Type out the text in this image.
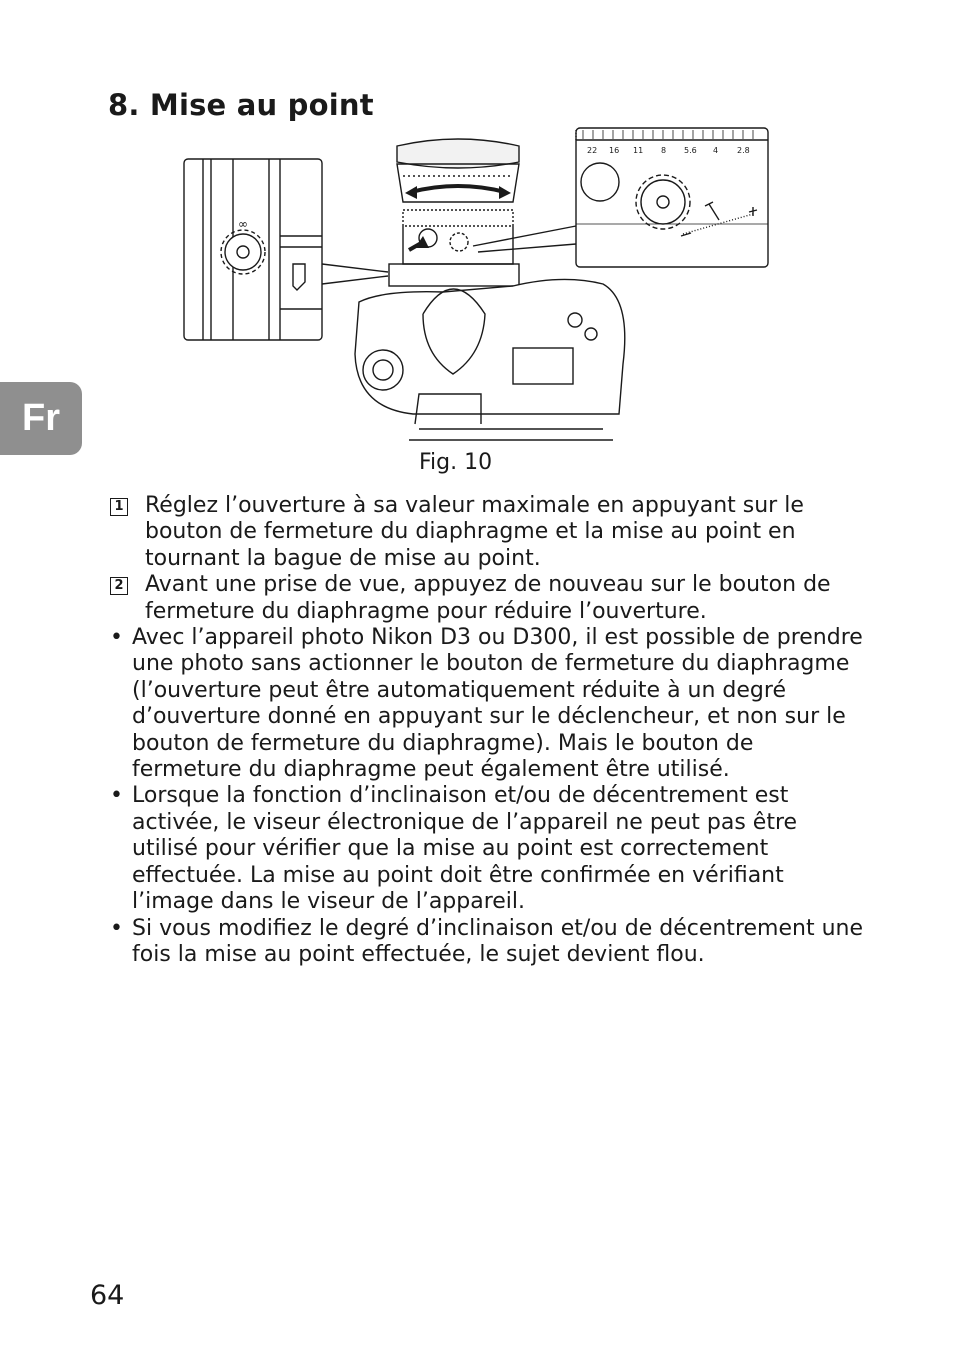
8. Mise au point
Fr
∞
22 16 11 8 5.6 4 2.8
Fig. 10
1 Réglez l’ouverture à sa valeur maximale en appuyant sur le bouton de fermeture du diaphragme et la mise au point en tournant la bague de mise au point.
2 Avant une prise de vue, appuyez de nouveau sur le bouton de fermeture du diaphragme pour réduire l’ouverture.
• Avec l’appareil photo Nikon D3 ou D300, il est possible de prendre une photo sans actionner le bouton de fermeture du diaphragme (l’ouverture peut être automatiquement réduite à un degré d’ouverture donné en appuyant sur le déclencheur, et non sur le bouton de fermeture du diaphragme). Mais le bouton de fermeture du diaphragme peut également être utilisé.
• Lorsque la fonction d’inclinaison et/ou de décentrement est activée, le viseur électronique de l’appareil ne peut pas être utilisé pour vérifier que la mise au point est correctement effectuée. La mise au point doit être confirmée en vérifiant l’image dans le viseur de l’appareil.
• Si vous modifiez le degré d’inclinaison et/ou de décentrement une fois la mise au point effectuée, le sujet devient flou.
64
